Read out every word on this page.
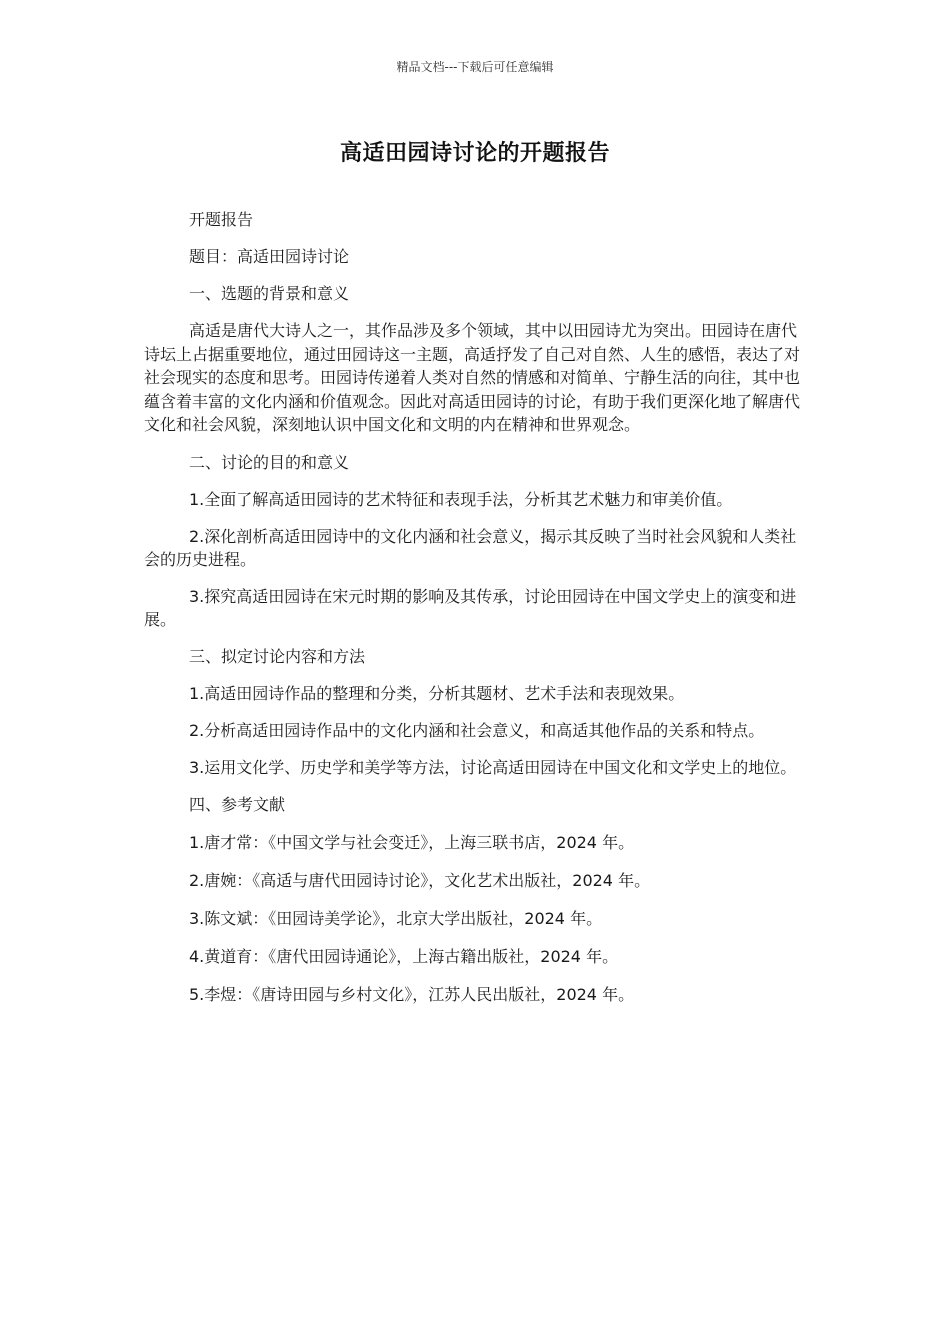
精品文档---下载后可任意编辑
高适田园诗讨论的开题报告

开题报告

题目：高适田园诗讨论

一、选题的背景和意义

高适是唐代大诗人之一，其作品涉及多个领域，其中以田园诗尤为突出。田园诗在唐代诗坛上占据重要地位，通过田园诗这一主题，高适抒发了自己对自然、人生的感悟，表达了对社会现实的态度和思考。田园诗传递着人类对自然的情感和对简单、宁静生活的向往，其中也蕴含着丰富的文化内涵和价值观念。因此对高适田园诗的讨论，有助于我们更深化地了解唐代文化和社会风貌，深刻地认识中国文化和文明的内在精神和世界观念。

二、讨论的目的和意义

1.全面了解高适田园诗的艺术特征和表现手法，分析其艺术魅力和审美价值。

2.深化剖析高适田园诗中的文化内涵和社会意义，揭示其反映了当时社会风貌和人类社会的历史进程。

3.探究高适田园诗在宋元时期的影响及其传承，讨论田园诗在中国文学史上的演变和进展。

三、拟定讨论内容和方法

1.高适田园诗作品的整理和分类，分析其题材、艺术手法和表现效果。

2.分析高适田园诗作品中的文化内涵和社会意义，和高适其他作品的关系和特点。

3.运用文化学、历史学和美学等方法，讨论高适田园诗在中国文化和文学史上的地位。

四、参考文献

1.唐才常：《中国文学与社会变迁》，上海三联书店，2024 年。

2.唐婉：《高适与唐代田园诗讨论》，文化艺术出版社，2024 年。

3.陈文斌：《田园诗美学论》，北京大学出版社，2024 年。

4.黄道育：《唐代田园诗通论》，上海古籍出版社，2024 年。

5.李煜：《唐诗田园与乡村文化》，江苏人民出版社，2024 年。
